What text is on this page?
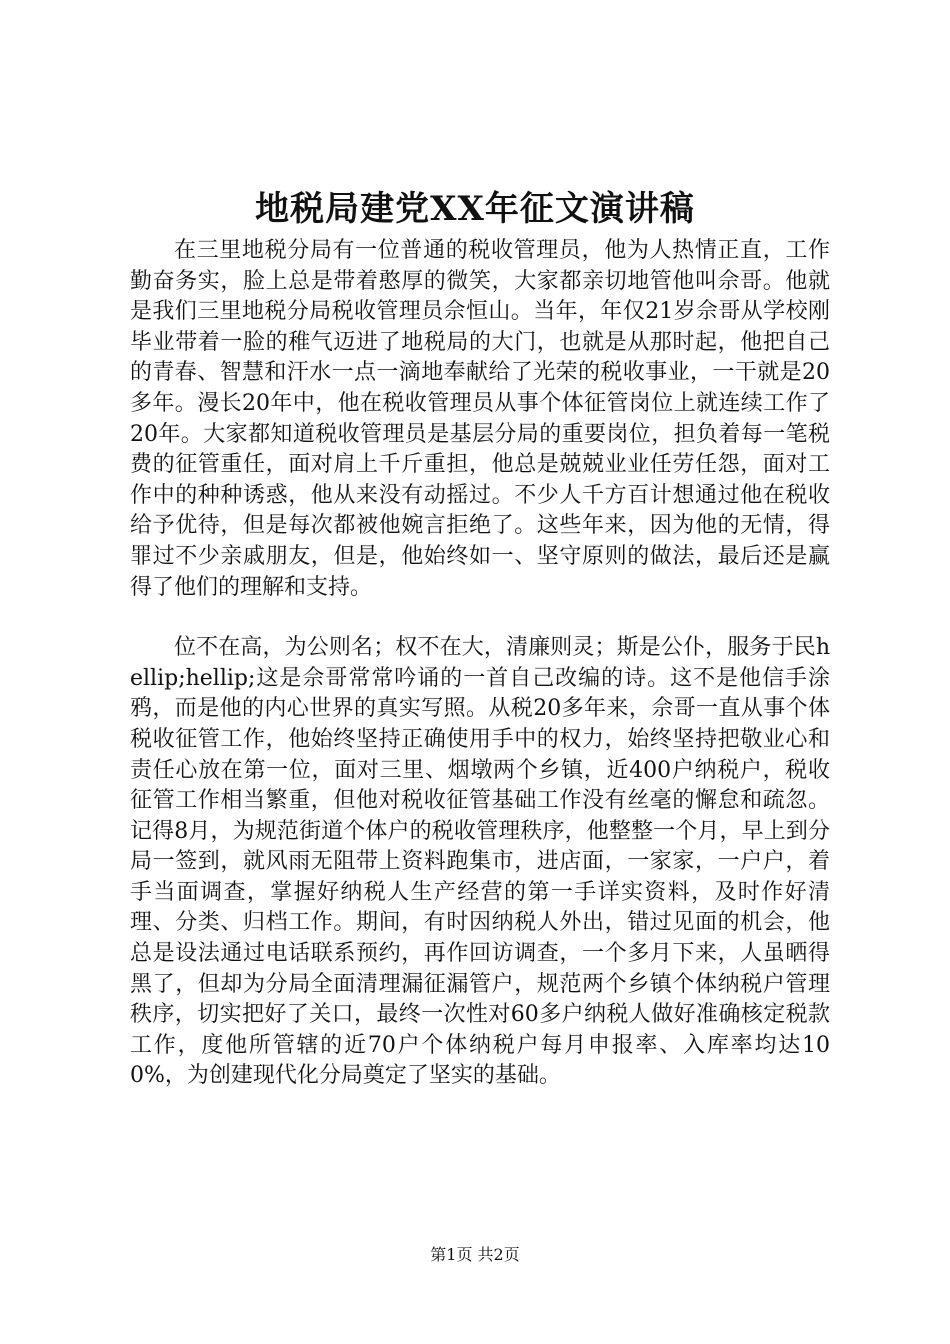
地税局建党XX年征文演讲稿

在三里地税分局有一位普通的税收管理员，他为人热情正直，工作勤奋务实，脸上总是带着憨厚的微笑，大家都亲切地管他叫佘哥。他就是我们三里地税分局税收管理员佘恒山。当年，年仅21岁佘哥从学校刚毕业带着一脸的稚气迈进了地税局的大门，也就是从那时起，他把自己的青春、智慧和汗水一点一滴地奉献给了光荣的税收事业，一干就是20多年。漫长20年中，他在税收管理员从事个体征管岗位上就连续工作了20年。大家都知道税收管理员是基层分局的重要岗位，担负着每一笔税费的征管重任，面对肩上千斤重担，他总是兢兢业业任劳任怨，面对工作中的种种诱惑，他从来没有动摇过。不少人千方百计想通过他在税收给予优待，但是每次都被他婉言拒绝了。这些年来，因为他的无情，得罪过不少亲戚朋友，但是，他始终如一、坚守原则的做法，最后还是赢得了他们的理解和支持。

位不在高，为公则名；权不在大，清廉则灵；斯是公仆，服务于民hellip;hellip;这是佘哥常常吟诵的一首自己改编的诗。这不是他信手涂鸦，而是他的内心世界的真实写照。从税20多年来，佘哥一直从事个体税收征管工作，他始终坚持正确使用手中的权力，始终坚持把敬业心和责任心放在第一位，面对三里、烟墩两个乡镇，近400户纳税户，税收征管工作相当繁重，但他对税收征管基础工作没有丝毫的懈怠和疏忽。记得8月，为规范街道个体户的税收管理秩序，他整整一个月，早上到分局一签到，就风雨无阻带上资料跑集市，进店面，一家家，一户户，着手当面调查，掌握好纳税人生产经营的第一手详实资料，及时作好清理、分类、归档工作。期间，有时因纳税人外出，错过见面的机会，他总是设法通过电话联系预约，再作回访调查，一个多月下来，人虽晒得黑了，但却为分局全面清理漏征漏管户，规范两个乡镇个体纳税户管理秩序，切实把好了关口，最终一次性对60多户纳税人做好准确核定税款工作，度他所管辖的近70户个体纳税户每月申报率、入库率均达100%，为创建现代化分局奠定了坚实的基础。

第1页 共2页
